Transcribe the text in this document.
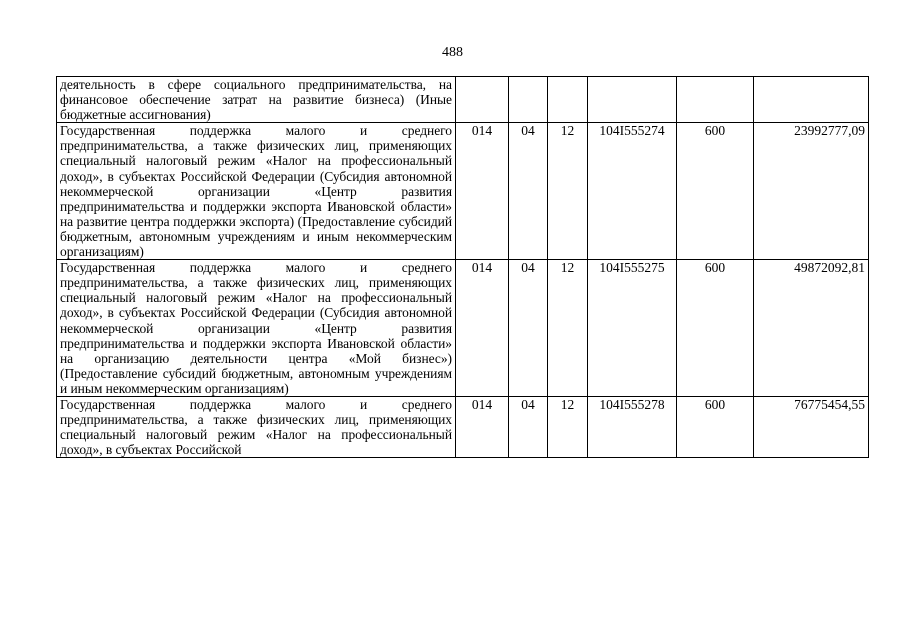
488
деятельность в сфере социального предпринимательства, на финансовое обеспечение затрат на развитие бизнеса) (Иные бюджетные ассигнования)						
Государственная поддержка малого и среднего предпринимательства, а также физических лиц, применяющих специальный налоговый режим «Налог на профессиональный доход», в субъектах Российской Федерации (Субсидия автономной некоммерческой организации «Центр развития предпринимательства и поддержки экспорта Ивановской области» на развитие центра поддержки экспорта) (Предоставление субсидий бюджетным, автономным учреждениям и иным некоммерческим организациям)	014	04	12	104I555274	600	23992777,09
Государственная поддержка малого и среднего предпринимательства, а также физических лиц, применяющих специальный налоговый режим «Налог на профессиональный доход», в субъектах Российской Федерации (Субсидия автономной некоммерческой организации «Центр развития предпринимательства и поддержки экспорта Ивановской области» на организацию деятельности центра «Мой бизнес») (Предоставление субсидий бюджетным, автономным учреждениям и иным некоммерческим организациям)	014	04	12	104I555275	600	49872092,81
Государственная поддержка малого и среднего предпринимательства, а также физических лиц, применяющих специальный налоговый режим «Налог на профессиональный доход», в субъектах Российской	014	04	12	104I555278	600	76775454,55
